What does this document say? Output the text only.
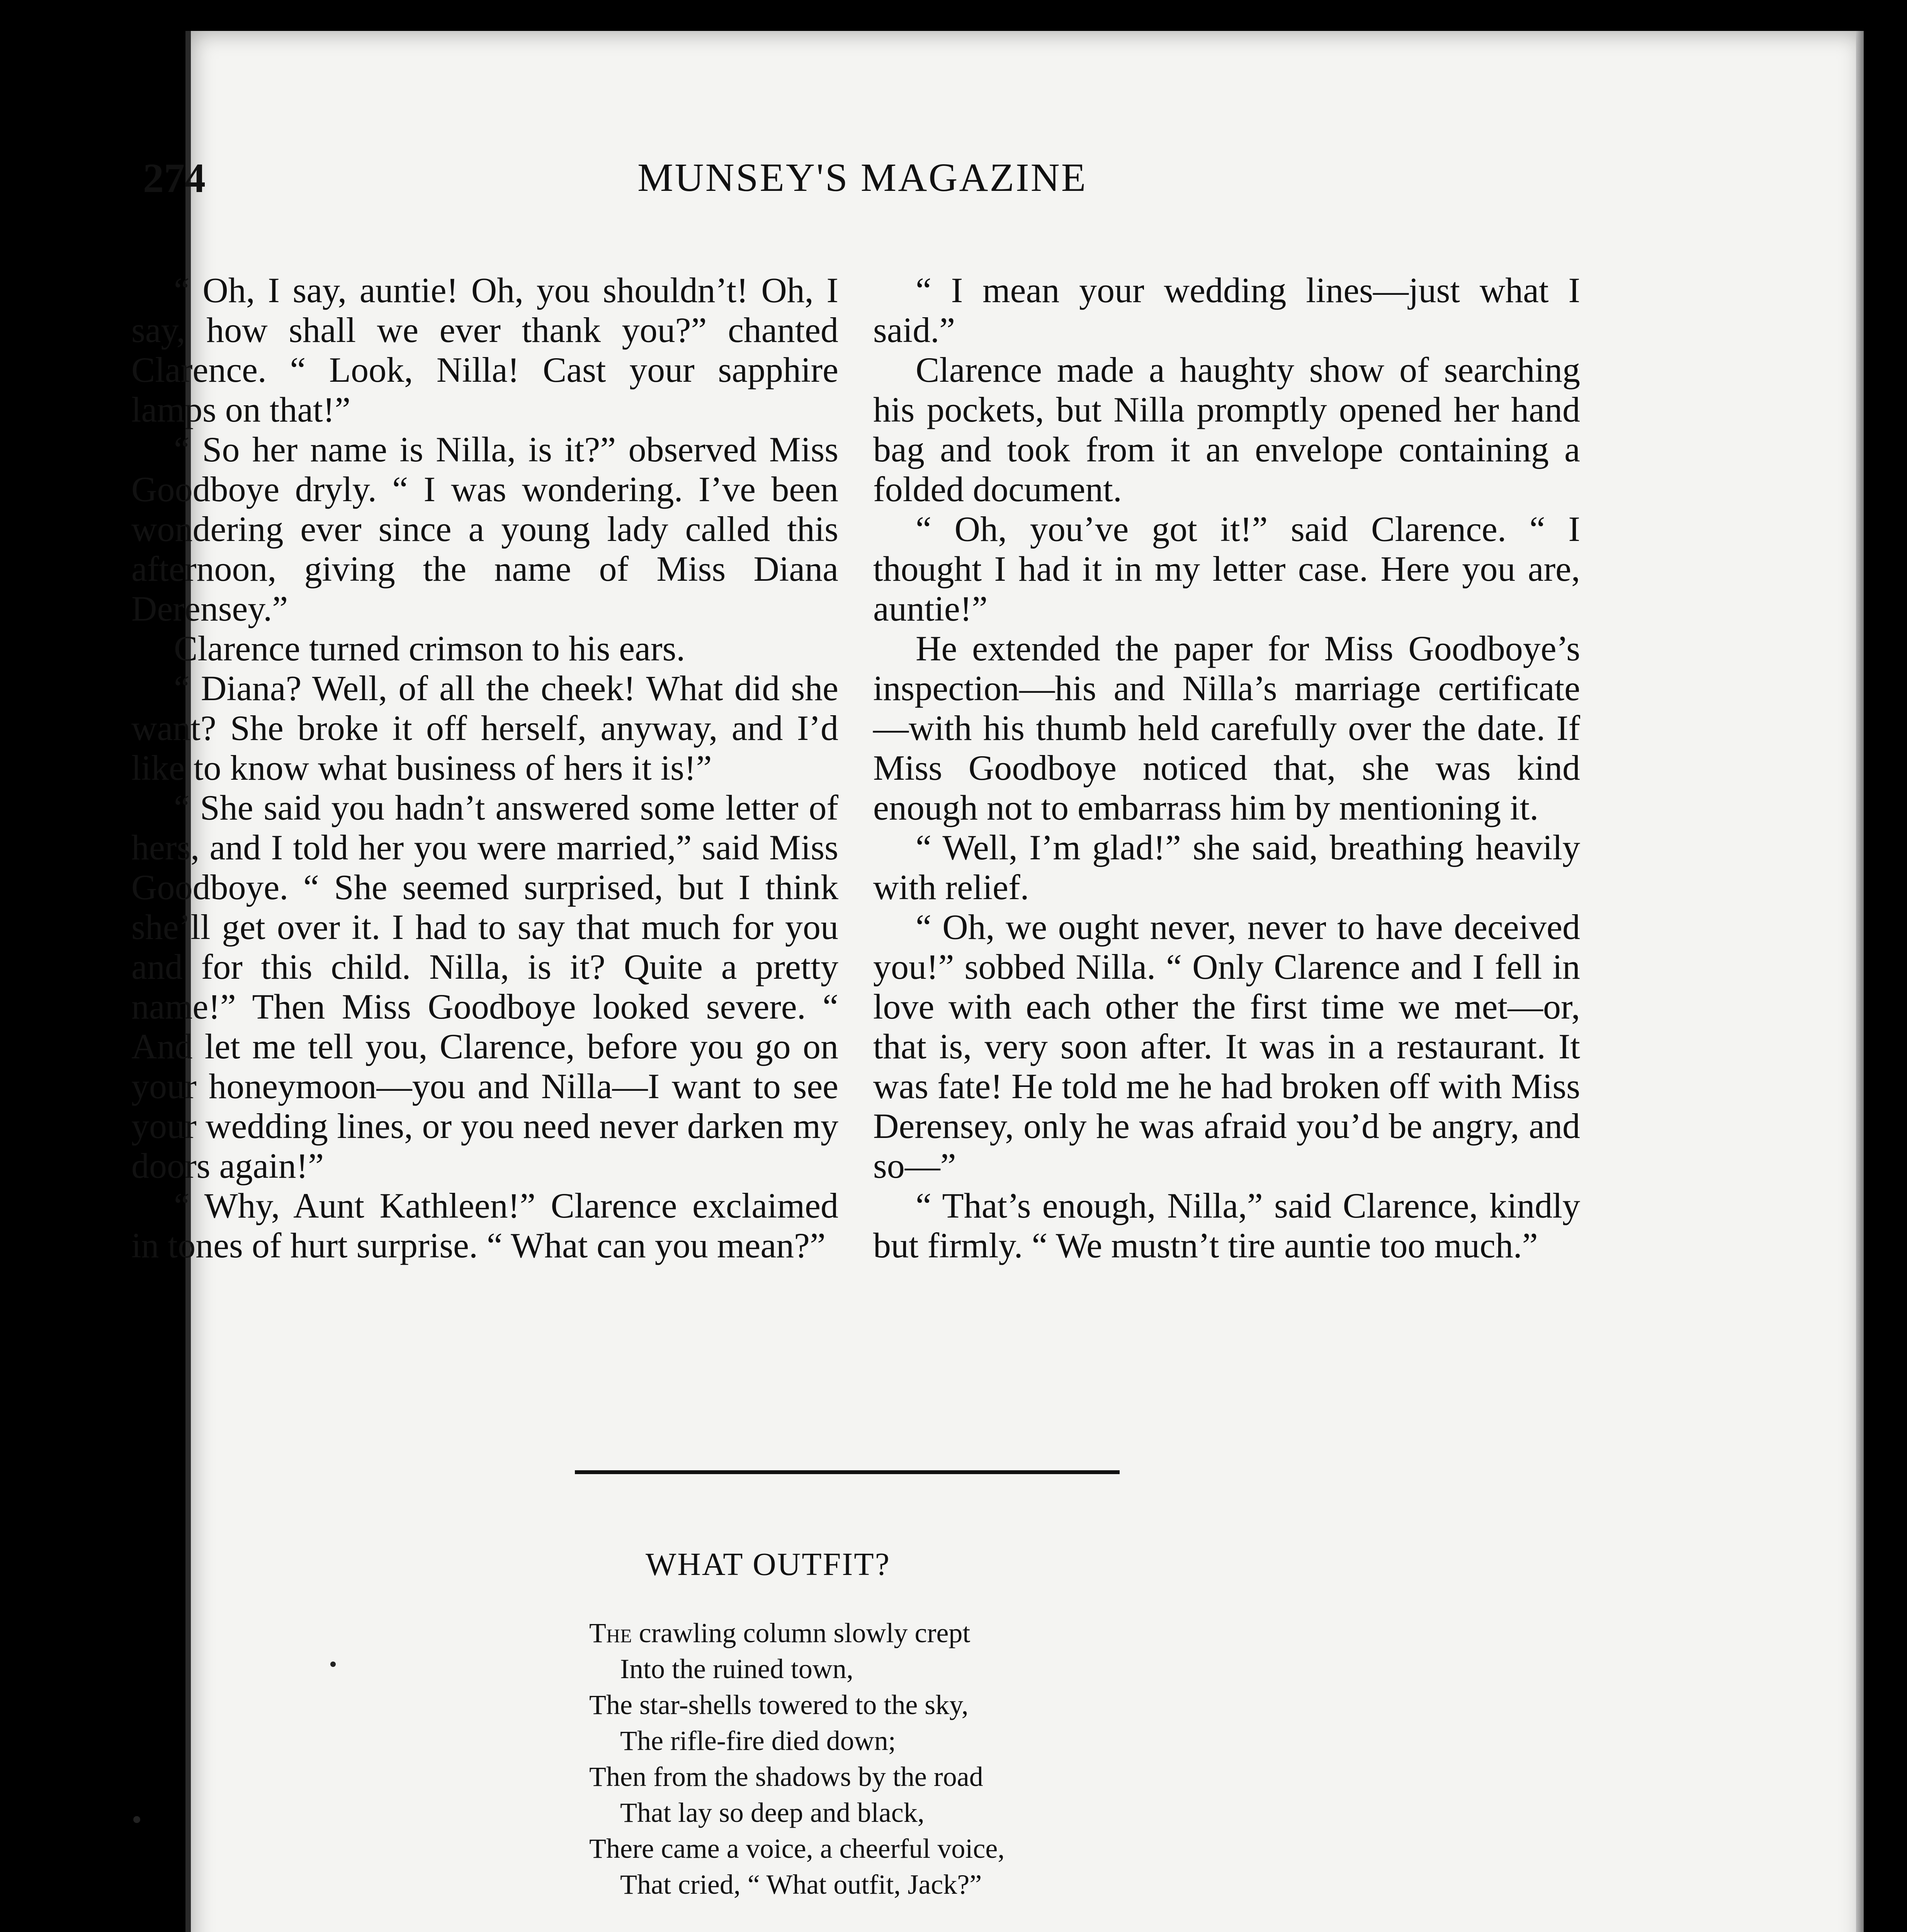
274	MUNSEY'S MAGAZINE

“ Oh, I say, auntie! Oh, you shouldn’t! Oh, I say, how shall we ever thank you?” chanted Clarence. “ Look, Nilla! Cast your sapphire lamps on that!”

“ So her name is Nilla, is it?” observed Miss Goodboye dryly. “ I was wondering. I’ve been wondering ever since a young lady called this afternoon, giving the name of Miss Diana Derensey.”

Clarence turned crimson to his ears.

“ Diana? Well, of all the cheek! What did she want? She broke it off herself, anyway, and I’d like to know what business of hers it is!”

“ She said you hadn’t answered some letter of hers, and I told her you were married,” said Miss Goodboye. “ She seemed surprised, but I think she’ll get over it. I had to say that much for you and for this child. Nilla, is it? Quite a pretty name!” Then Miss Goodboye looked severe. “ And let me tell you, Clarence, before you go on your honeymoon—you and Nilla—I want to see your wedding lines, or you need never darken my doors again!”

“ Why, Aunt Kathleen!” Clarence exclaimed in tones of hurt surprise. “ What can you mean?”

“ I mean your wedding lines—just what I said.”

Clarence made a haughty show of searching his pockets, but Nilla promptly opened her hand bag and took from it an envelope containing a folded document.

“ Oh, you’ve got it!” said Clarence. “ I thought I had it in my letter case. Here you are, auntie!”

He extended the paper for Miss Goodboye’s inspection—his and Nilla’s marriage certificate—with his thumb held carefully over the date. If Miss Goodboye noticed that, she was kind enough not to embarrass him by mentioning it.

“ Well, I’m glad!” she said, breathing heavily with relief.

“ Oh, we ought never, never to have deceived you!” sobbed Nilla. “ Only Clarence and I fell in love with each other the first time we met—or, that is, very soon after. It was in a restaurant. It was fate! He told me he had broken off with Miss Derensey, only he was afraid you’d be angry, and so—”

“ That’s enough, Nilla,” said Clarence, kindly but firmly. “ We mustn’t tire auntie too much.”

WHAT OUTFIT?
The crawling column slowly crept
Into the ruined town,
The star-shells towered to the sky,
The rifle-fire died down;
Then from the shadows by the road
That lay so deep and black,
There came a voice, a cheerful voice,
That cried, “ What outfit, Jack?”
